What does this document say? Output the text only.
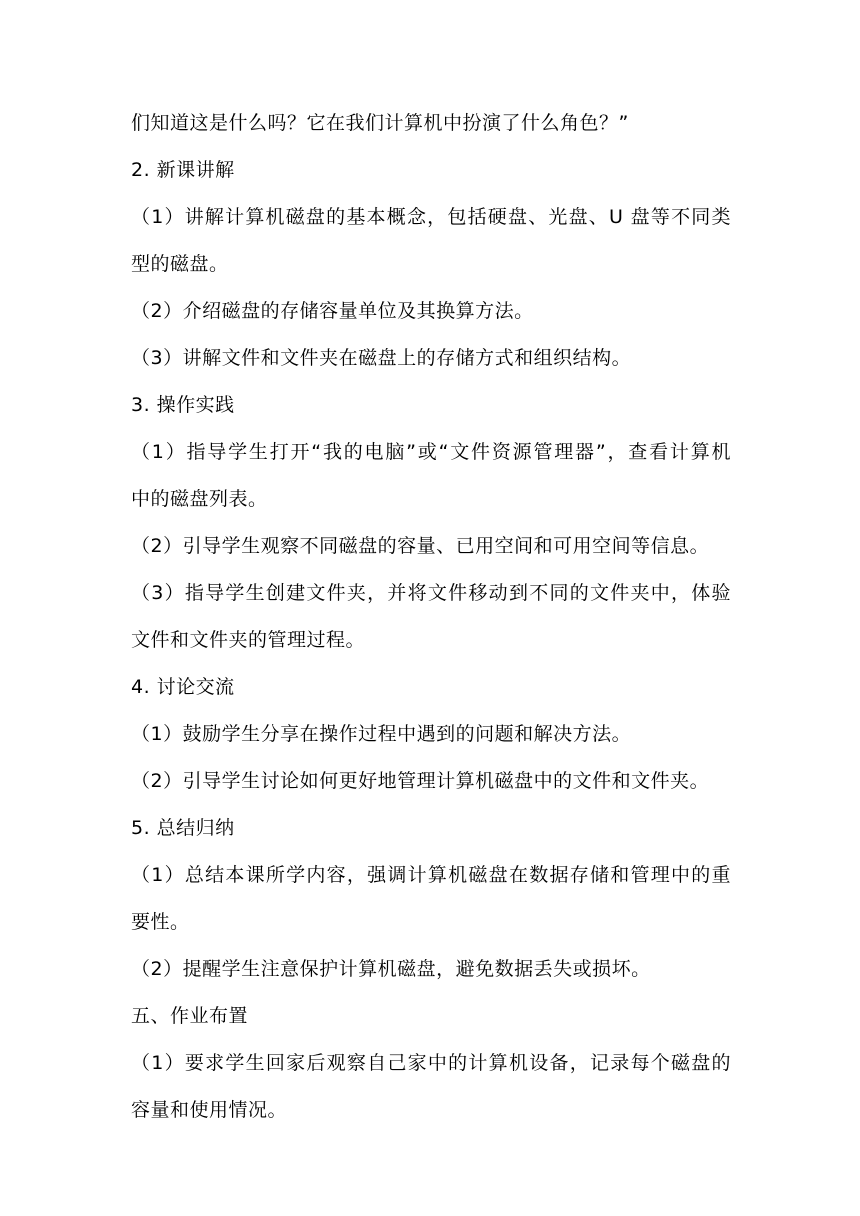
们知道这是什么吗？它在我们计算机中扮演了什么角色？”
2. 新课讲解
（1）讲解计算机磁盘的基本概念，包括硬盘、光盘、U 盘等不同类
型的磁盘。
（2）介绍磁盘的存储容量单位及其换算方法。
（3）讲解文件和文件夹在磁盘上的存储方式和组织结构。
3. 操作实践
（1）指导学生打开“我的电脑”或“文件资源管理器”，查看计算机
中的磁盘列表。
（2）引导学生观察不同磁盘的容量、已用空间和可用空间等信息。
（3）指导学生创建文件夹，并将文件移动到不同的文件夹中，体验
文件和文件夹的管理过程。
4. 讨论交流
（1）鼓励学生分享在操作过程中遇到的问题和解决方法。
（2）引导学生讨论如何更好地管理计算机磁盘中的文件和文件夹。
5. 总结归纳
（1）总结本课所学内容，强调计算机磁盘在数据存储和管理中的重
要性。
（2）提醒学生注意保护计算机磁盘，避免数据丢失或损坏。
五、作业布置
（1）要求学生回家后观察自己家中的计算机设备，记录每个磁盘的
容量和使用情况。
